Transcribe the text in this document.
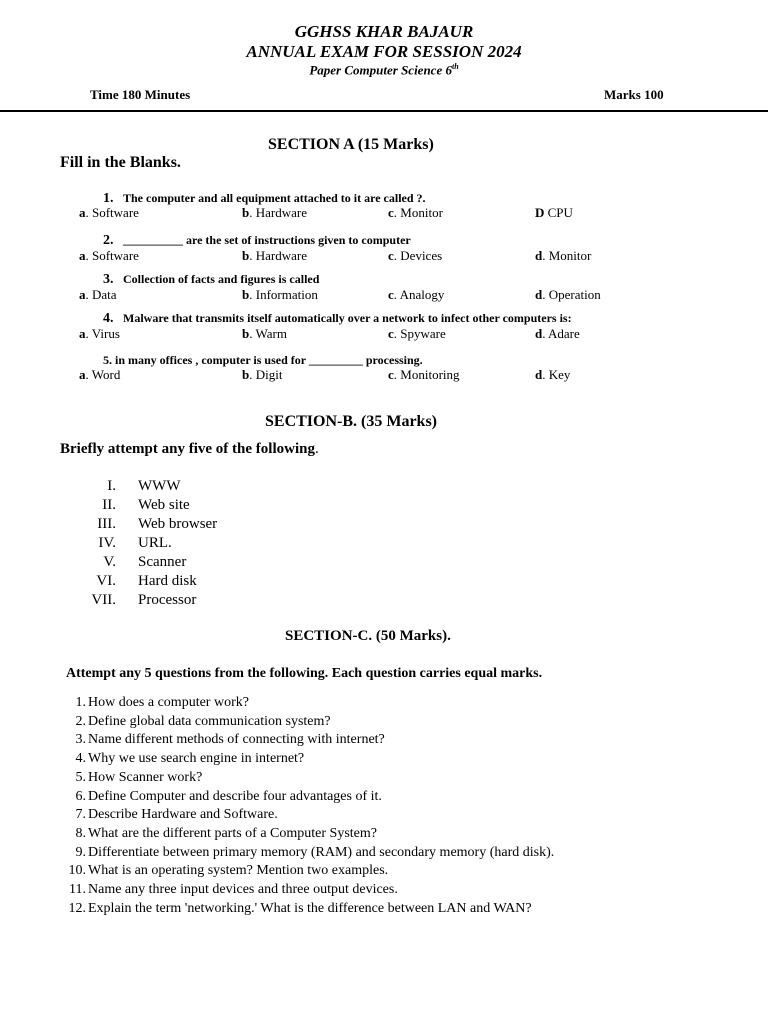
GGHSS KHAR BAJAUR
ANNUAL EXAM FOR SESSION 2024
Paper Computer Science 6th
Time 180 Minutes	Marks 100
SECTION A (15 Marks)
Fill in the Blanks.
1. The computer and all equipment attached to it are called ?.
a. Software	b. Hardware	c. Monitor	D CPU
2. __________ are the set of instructions given to computer
a. Software	b. Hardware	c. Devices	d. Monitor
3. Collection of facts and figures is called
a. Data	b. Information	c. Analogy	d. Operation
4. Malware that transmits itself automatically over a network to infect other computers is:
a. Virus	b. Warm	c. Spyware	d. Adare
5. in many offices , computer is used for _________ processing.
a. Word	b. Digit	c. Monitoring	d. Key
SECTION-B. (35 Marks)
Briefly attempt any five of the following.
I. WWW
II. Web site
III. Web browser
IV. URL.
V. Scanner
VI. Hard disk
VII. Processor
SECTION-C. (50 Marks).
Attempt any 5 questions from the following. Each question carries equal marks.
1. How does a computer work?
2. Define global data communication system?
3. Name different methods of connecting with internet?
4. Why we use search engine in internet?
5. How Scanner work?
6. Define Computer and describe four advantages of it.
7. Describe Hardware and Software.
8. What are the different parts of a Computer System?
9. Differentiate between primary memory (RAM) and secondary memory (hard disk).
10. What is an operating system? Mention two examples.
11. Name any three input devices and three output devices.
12. Explain the term 'networking.' What is the difference between LAN and WAN?
